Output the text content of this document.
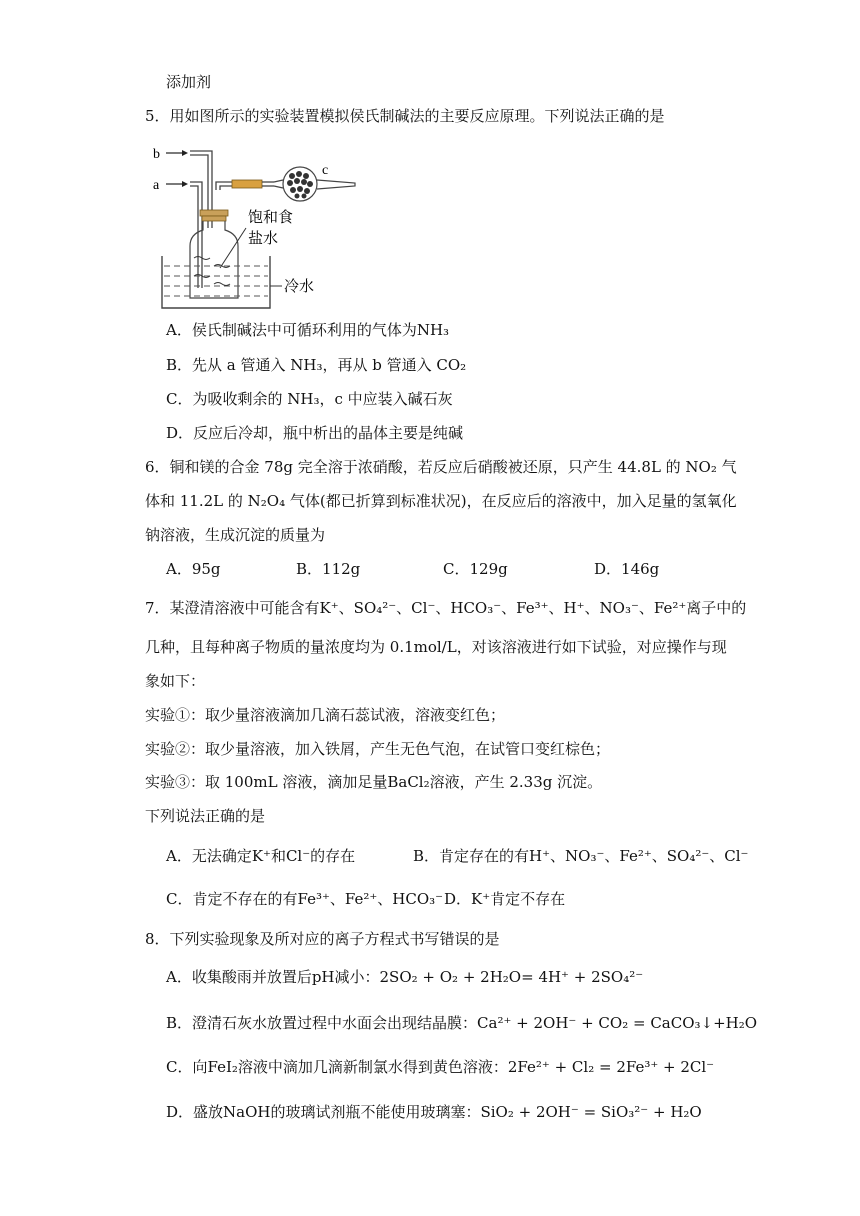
添加剂
5．用如图所示的实验装置模拟侯氏制碱法的主要反应原理。下列说法正确的是
b
a
c
饱和食
盐水
冷水
A．侯氏制碱法中可循环利用的气体为NH₃
B．先从 a 管通入 NH₃，再从 b 管通入 CO₂
C．为吸收剩余的 NH₃，c 中应装入碱石灰
D．反应后冷却，瓶中析出的晶体主要是纯碱
6．铜和镁的合金 78g 完全溶于浓硝酸，若反应后硝酸被还原，只产生 44.8L 的 NO₂ 气
体和 11.2L 的 N₂O₄ 气体(都已折算到标准状况)，在反应后的溶液中，加入足量的氢氧化
钠溶液，生成沉淀的质量为
A．95g	B．112g	C．129g	D．146g
7．某澄清溶液中可能含有K⁺、SO₄²⁻、Cl⁻、HCO₃⁻、Fe³⁺、H⁺、NO₃⁻、Fe²⁺离子中的
几种，且每种离子物质的量浓度均为 0.1mol/L，对该溶液进行如下试验，对应操作与现
象如下：
实验①：取少量溶液滴加几滴石蕊试液，溶液变红色；
实验②：取少量溶液，加入铁屑，产生无色气泡，在试管口变红棕色；
实验③：取 100mL 溶液，滴加足量BaCl₂溶液，产生 2.33g 沉淀。
下列说法正确的是
A．无法确定K⁺和Cl⁻的存在	B．肯定存在的有H⁺、NO₃⁻、Fe²⁺、SO₄²⁻、Cl⁻
C．肯定不存在的有Fe³⁺、Fe²⁺、HCO₃⁻ D．K⁺肯定不存在
8．下列实验现象及所对应的离子方程式书写错误的是
A．收集酸雨并放置后pH减小：2SO₂ + O₂ + 2H₂O= 4H⁺ + 2SO₄²⁻
B．澄清石灰水放置过程中水面会出现结晶膜：Ca²⁺ + 2OH⁻ + CO₂ = CaCO₃↓+H₂O
C．向FeI₂溶液中滴加几滴新制氯水得到黄色溶液：2Fe²⁺ + Cl₂ = 2Fe³⁺ + 2Cl⁻
D．盛放NaOH的玻璃试剂瓶不能使用玻璃塞：SiO₂ + 2OH⁻ = SiO₃²⁻ + H₂O
